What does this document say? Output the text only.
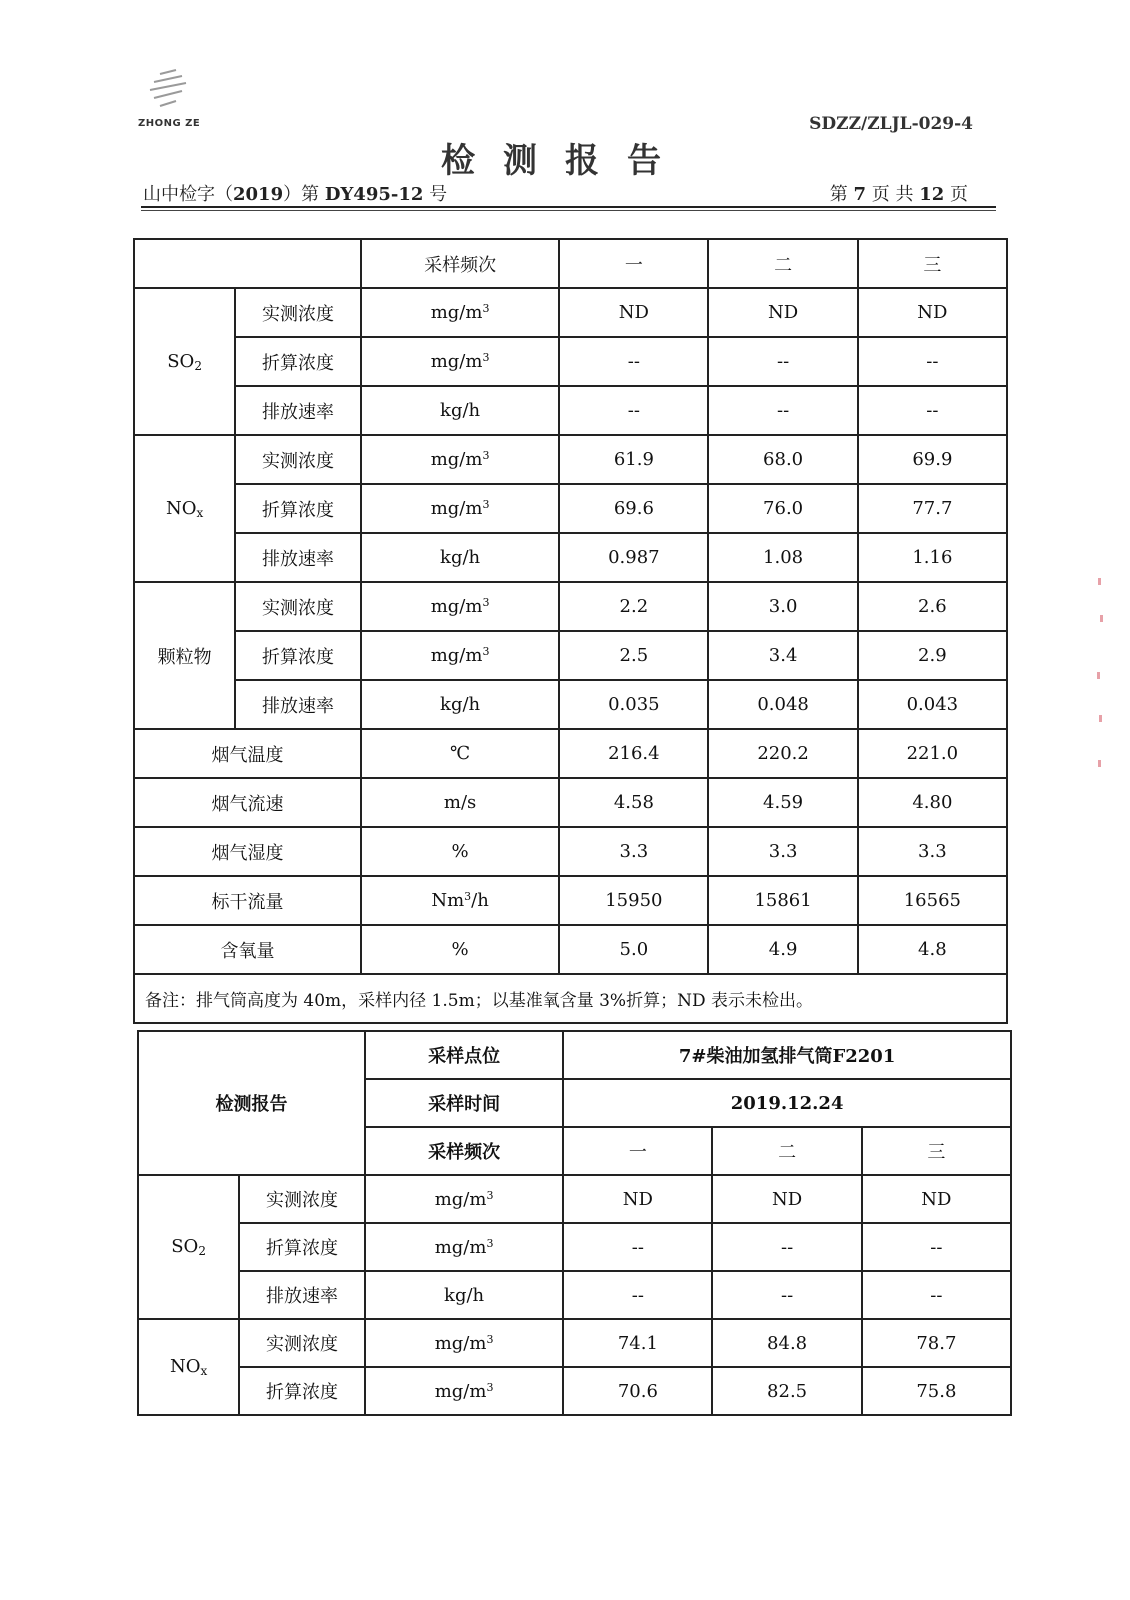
ZHONG ZE	SDZZ/ZLJL-029-4
检测报告
山中检字（2019）第 DY495-12 号	第 7 页 共 12 页
		采样频次	一	二	三
$SO_2$	实测浓度	$mg/m^3$	ND	ND	ND
	折算浓度	$mg/m^3$	--	--	--
	排放速率	kg/h	--	--	--
$NO_x$	实测浓度	$mg/m^3$	61.9	68.0	69.9
	折算浓度	$mg/m^3$	69.6	76.0	77.7
	排放速率	kg/h	0.987	1.08	1.16
颗粒物	实测浓度	$mg/m^3$	2.2	3.0	2.6
	折算浓度	$mg/m^3$	2.5	3.4	2.9
	排放速率	kg/h	0.035	0.048	0.043
烟气温度		℃	216.4	220.2	221.0
烟气流速		m/s	4.58	4.59	4.80
烟气湿度		%	3.3	3.3	3.3
标干流量		Nm$^3$/h	15950	15861	16565
含氧量		%	5.0	4.9	4.8
备注：排气筒高度为 40m，采样内径 1.5m；以基准氧含量 3%折算；ND 表示未检出。					
检测报告		采样点位	7#柴油加氢排气筒F2201		
		采样时间	2019.12.24		
		采样频次	一	二	三
$SO_2$	实测浓度	$mg/m^3$	ND	ND	ND
	折算浓度	$mg/m^3$	--	--	--
	排放速率	kg/h	--	--	--
$NO_x$	实测浓度	$mg/m^3$	74.1	84.8	78.7
	折算浓度	$mg/m^3$	70.6	82.5	75.8
